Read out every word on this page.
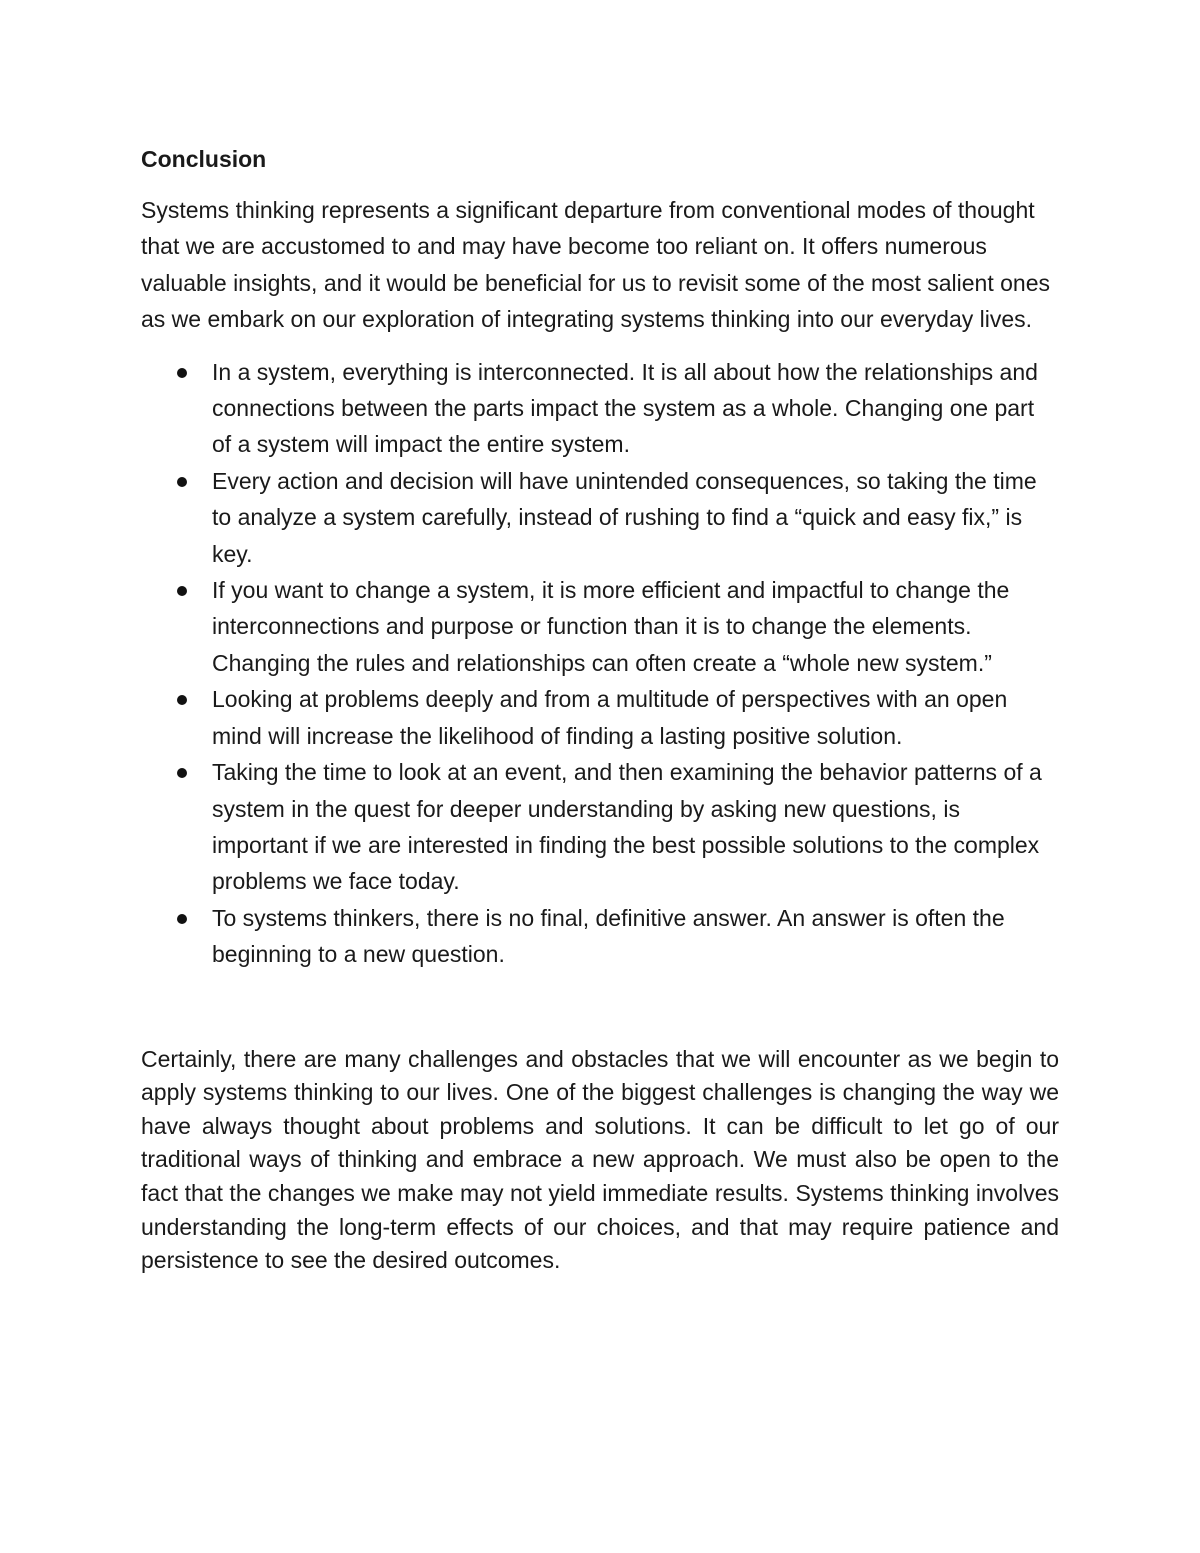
Conclusion

Systems thinking represents a significant departure from conventional modes of thought that we are accustomed to and may have become too reliant on. It offers numerous valuable insights, and it would be beneficial for us to revisit some of the most salient ones as we embark on our exploration of integrating systems thinking into our everyday lives.

In a system, everything is interconnected. It is all about how the relationships and connections between the parts impact the system as a whole. Changing one part of a system will impact the entire system.
Every action and decision will have unintended consequences, so taking the time to analyze a system carefully, instead of rushing to find a “quick and easy fix,” is key.
If you want to change a system, it is more efficient and impactful to change the interconnections and purpose or function than it is to change the elements. Changing the rules and relationships can often create a “whole new system.”
Looking at problems deeply and from a multitude of perspectives with an open mind will increase the likelihood of finding a lasting positive solution.
Taking the time to look at an event, and then examining the behavior patterns of a system in the quest for deeper understanding by asking new questions, is important if we are interested in finding the best possible solutions to the complex problems we face today.
To systems thinkers, there is no final, definitive answer. An answer is often the beginning to a new question.

Certainly, there are many challenges and obstacles that we will encounter as we begin to apply systems thinking to our lives. One of the biggest challenges is changing the way we have always thought about problems and solutions. It can be difficult to let go of our traditional ways of thinking and embrace a new approach. We must also be open to the fact that the changes we make may not yield immediate results. Systems thinking involves understanding the long-term effects of our choices, and that may require patience and persistence to see the desired outcomes.
